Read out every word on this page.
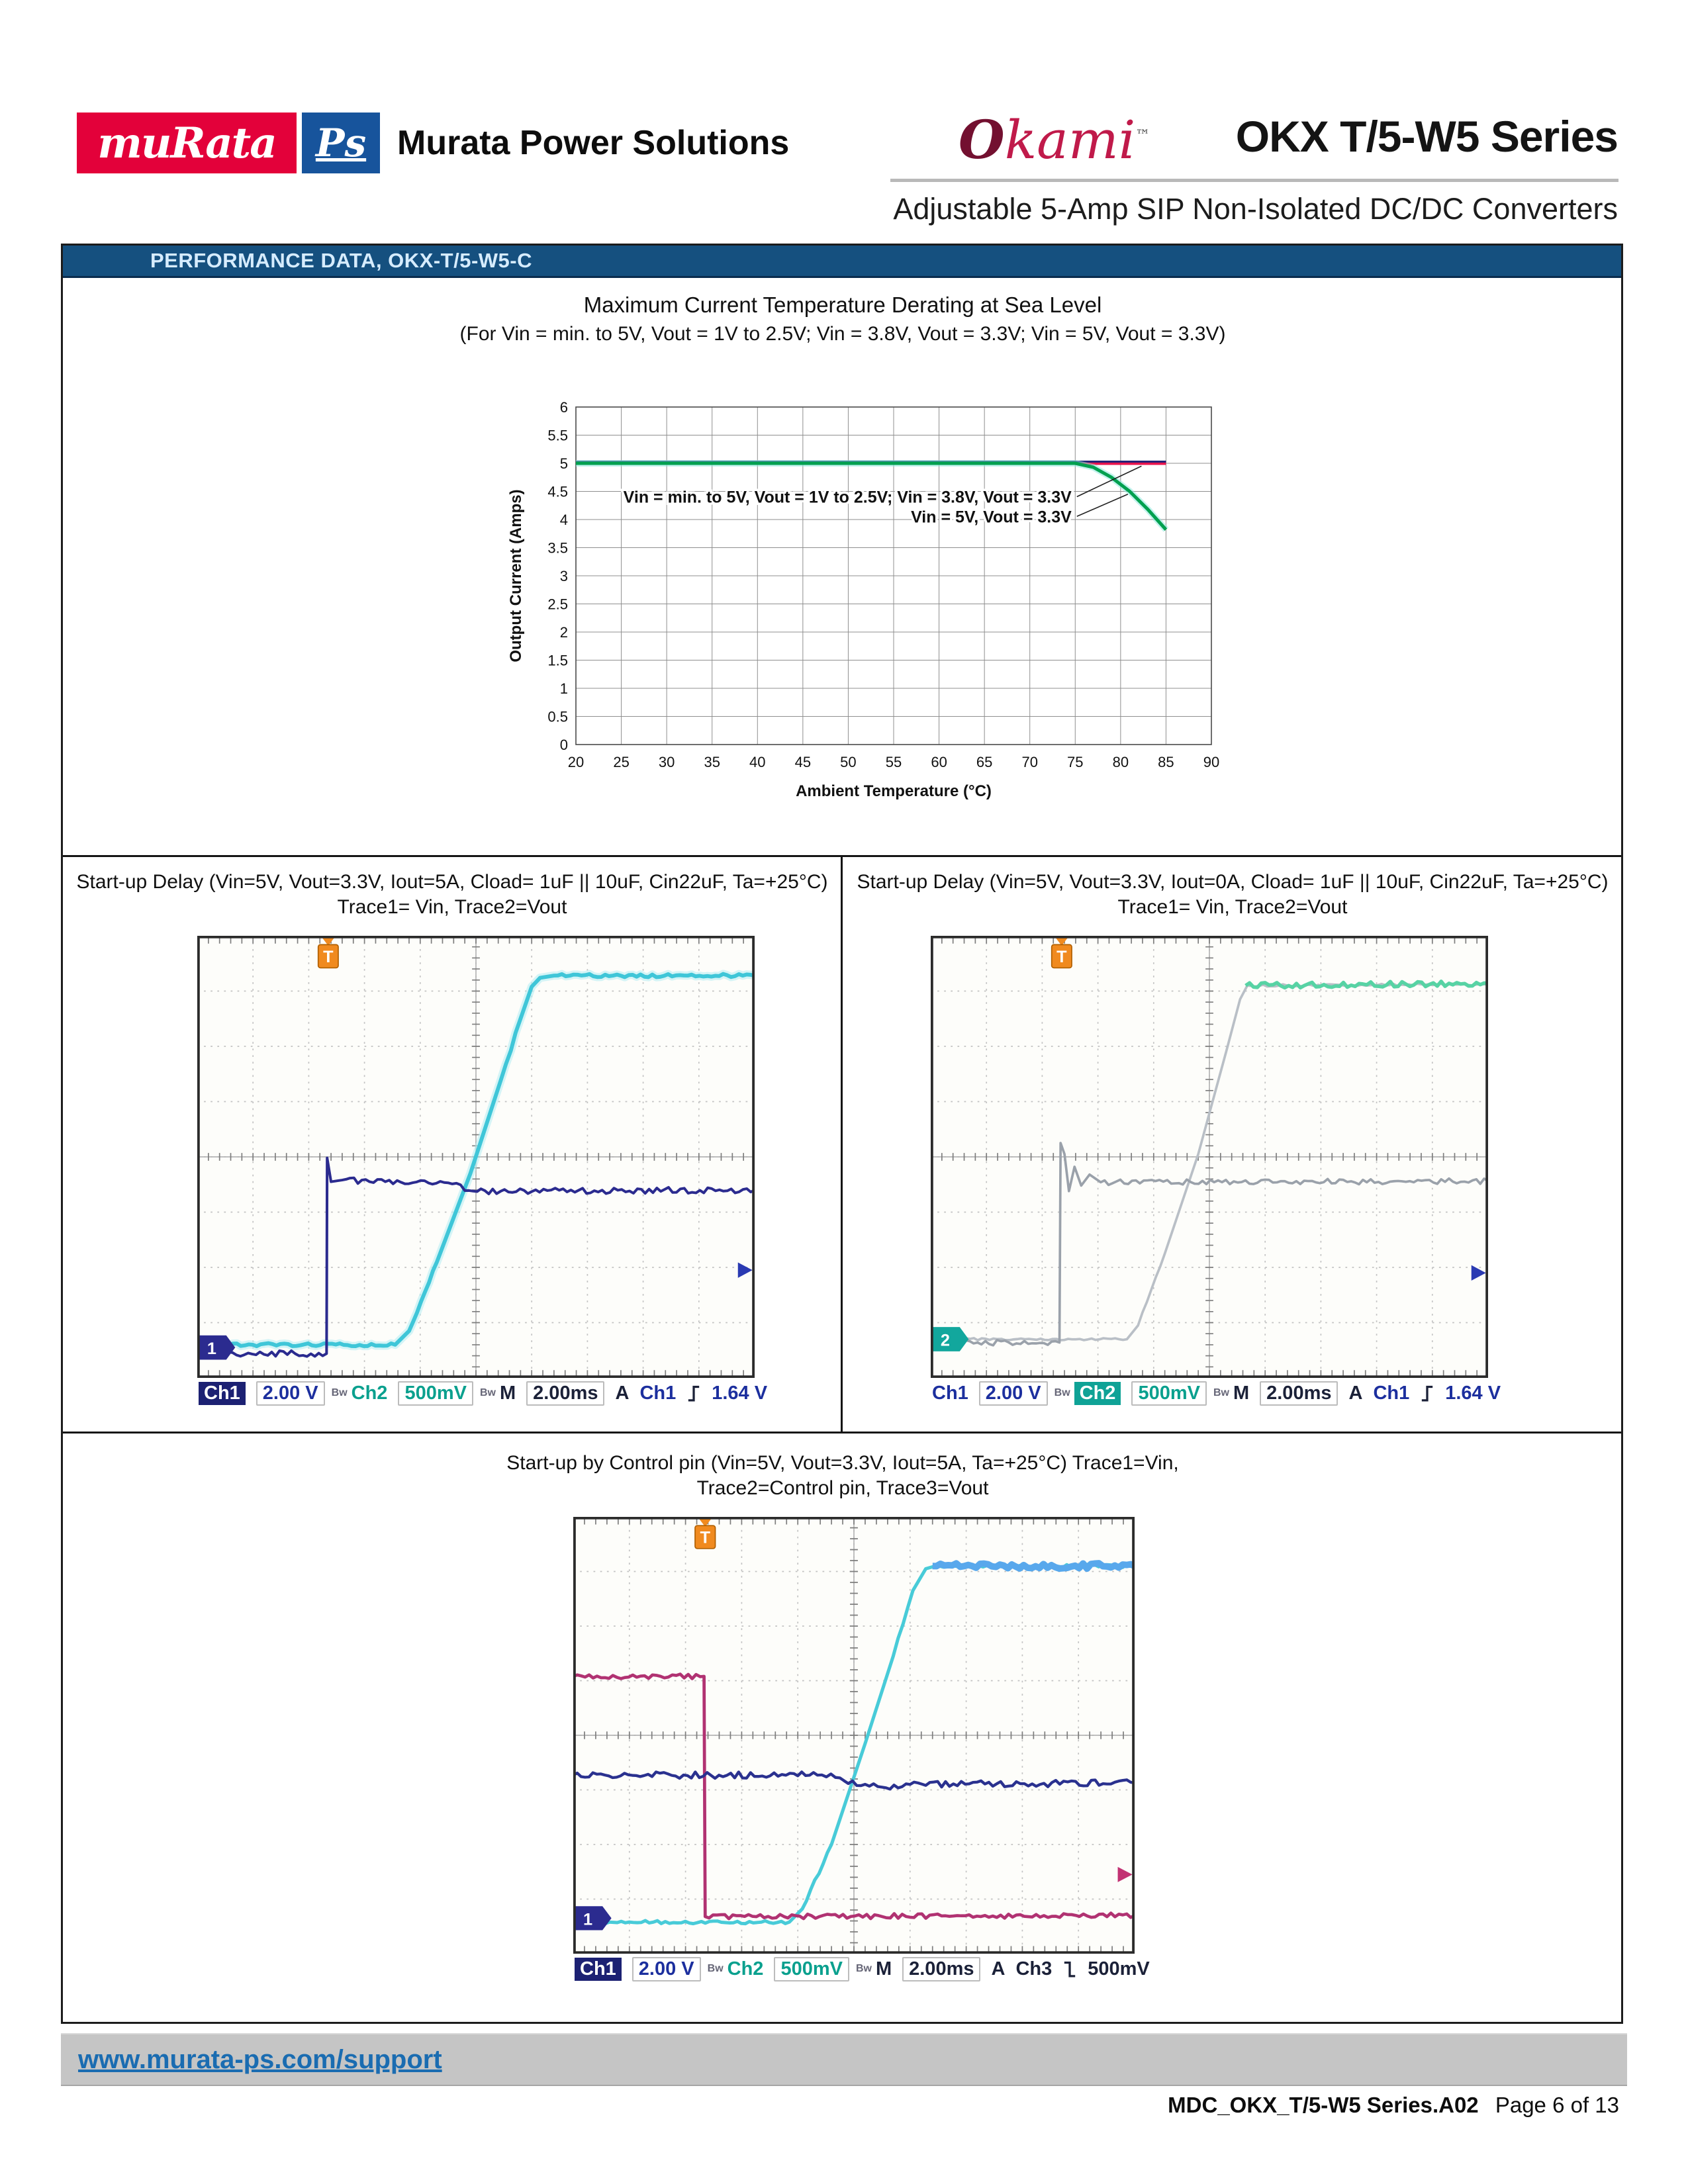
muRata Ps Murata Power Solutions	Okami™ OKX T/5-W5 Series
Adjustable 5-Amp SIP Non-Isolated DC/DC Converters
PERFORMANCE DATA, OKX-T/5-W5-C
Maximum Current Temperature Derating at Sea Level
(For Vin = min. to 5V, Vout = 1V to 2.5V; Vin = 3.8V, Vout = 3.3V; Vin = 5V, Vout = 3.3V)
20 25 30 35 40 45 50 55 60 65 70 75 80 85 90
0
0.5
1
1.5
2
2.5
3
3.5
4
4.5
5
5.5
6
Ambient Temperature (°C)
Output Current (Amps)	Vin = min. to 5V, Vout = 1V to 2.5V; Vin = 3.8V, Vout = 3.3V
Vin = 5V, Vout = 3.3V
Start-up Delay (Vin=5V, Vout=3.3V, Iout=5A, Cload= 1uF || 10uF, Cin22uF, Ta=+25°C)
Trace1= Vin, Trace2=Vout
Start-up Delay (Vin=5V, Vout=3.3V, Iout=0A, Cload= 1uF || 10uF, Cin22uF, Ta=+25°C)
Trace1= Vin, Trace2=Vout
T
1
Ch1	2.00 V	Bw Ch2 500mV	Bw M 2.00ms A Ch1 1.64 V
T
2
Ch1 2.00 V	Bw Ch2	500mV	Bw M 2.00ms A Ch1 1.64 V
Start-up by Control pin (Vin=5V, Vout=3.3V, Iout=5A, Ta=+25°C) Trace1=Vin,
Trace2=Control pin, Trace3=Vout
T
1
Ch1	2.00 V	Bw Ch2 500mV	Bw M 2.00ms A Ch3 500mV
www.murata-ps.com/support
MDC_OKX_T/5-W5 Series.A02 Page 6 of 13
